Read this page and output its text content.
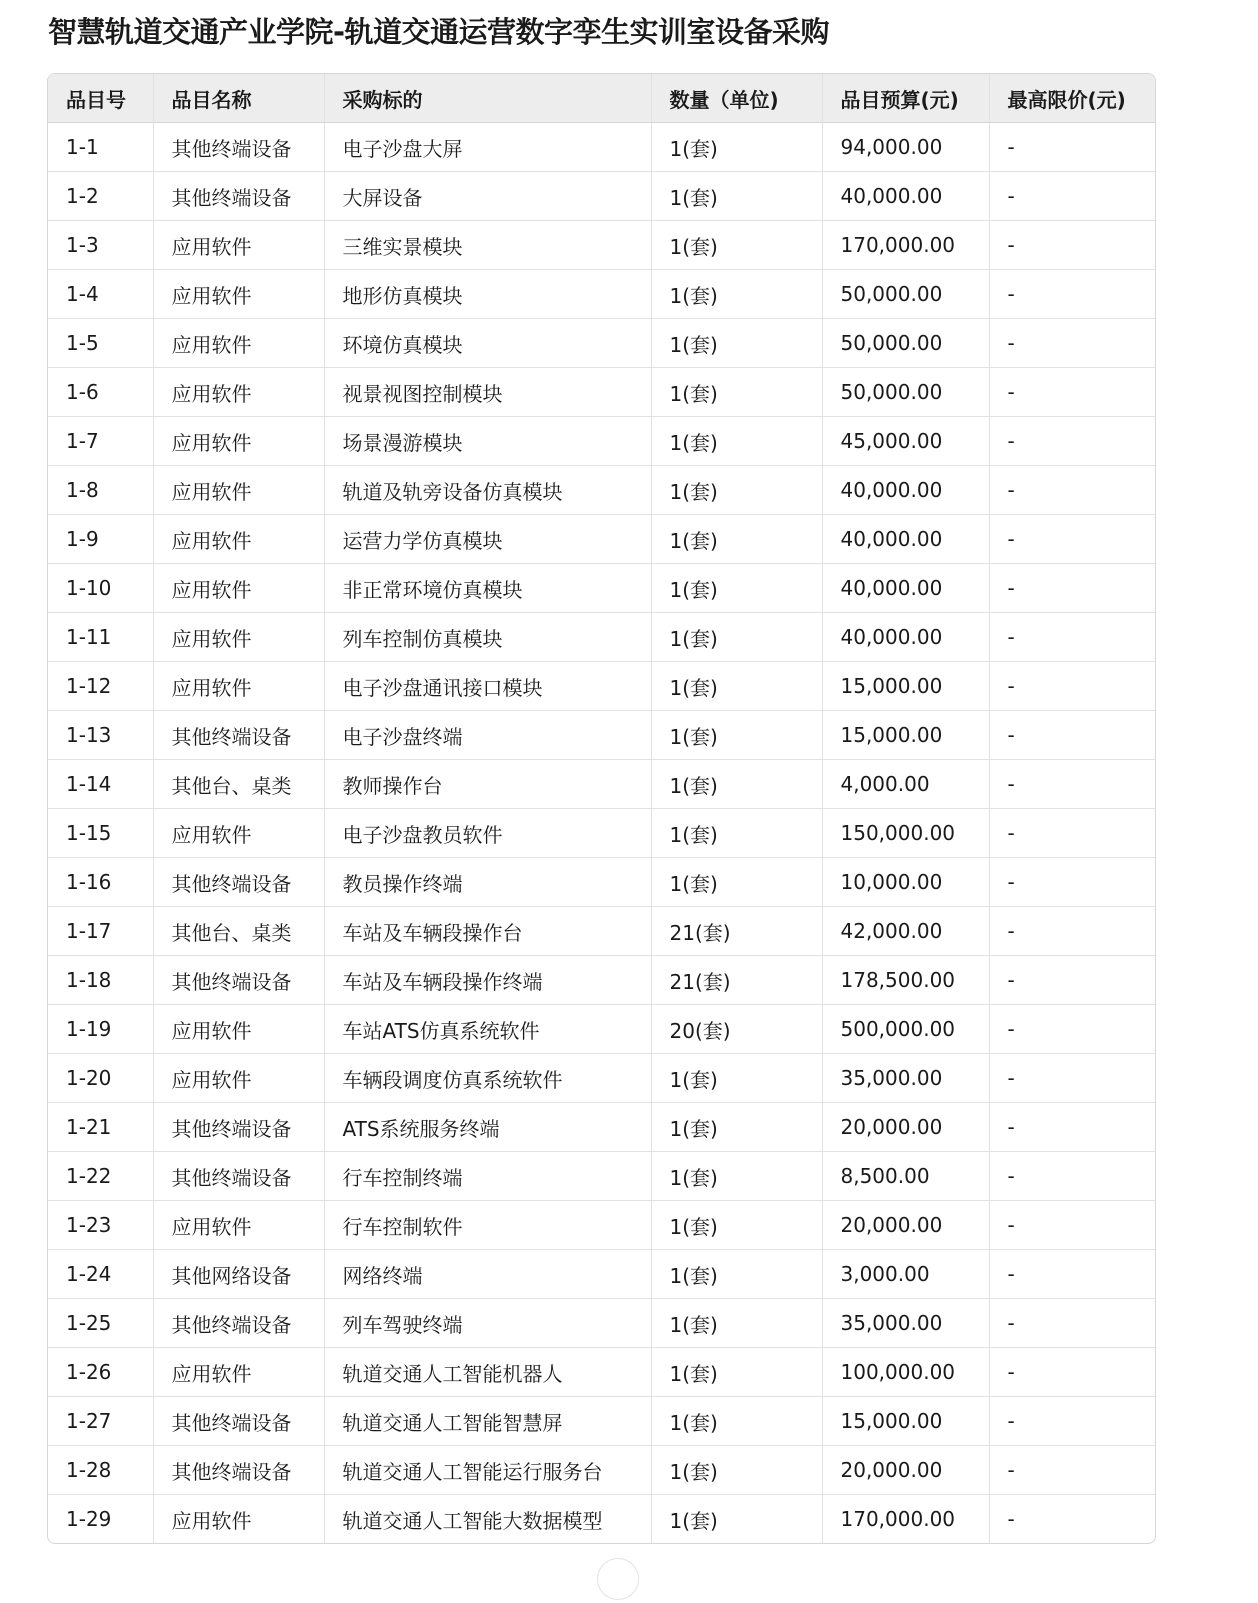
智慧轨道交通产业学院-轨道交通运营数字孪生实训室设备采购
品目号	品目名称	采购标的	数量（单位)	品目预算(元)	最高限价(元)
1-1	其他终端设备	电子沙盘大屏	1(套)	94,000.00	-
1-2	其他终端设备	大屏设备	1(套)	40,000.00	-
1-3	应用软件	三维实景模块	1(套)	170,000.00	-
1-4	应用软件	地形仿真模块	1(套)	50,000.00	-
1-5	应用软件	环境仿真模块	1(套)	50,000.00	-
1-6	应用软件	视景视图控制模块	1(套)	50,000.00	-
1-7	应用软件	场景漫游模块	1(套)	45,000.00	-
1-8	应用软件	轨道及轨旁设备仿真模块	1(套)	40,000.00	-
1-9	应用软件	运营力学仿真模块	1(套)	40,000.00	-
1-10	应用软件	非正常环境仿真模块	1(套)	40,000.00	-
1-11	应用软件	列车控制仿真模块	1(套)	40,000.00	-
1-12	应用软件	电子沙盘通讯接口模块	1(套)	15,000.00	-
1-13	其他终端设备	电子沙盘终端	1(套)	15,000.00	-
1-14	其他台、桌类	教师操作台	1(套)	4,000.00	-
1-15	应用软件	电子沙盘教员软件	1(套)	150,000.00	-
1-16	其他终端设备	教员操作终端	1(套)	10,000.00	-
1-17	其他台、桌类	车站及车辆段操作台	21(套)	42,000.00	-
1-18	其他终端设备	车站及车辆段操作终端	21(套)	178,500.00	-
1-19	应用软件	车站ATS仿真系统软件	20(套)	500,000.00	-
1-20	应用软件	车辆段调度仿真系统软件	1(套)	35,000.00	-
1-21	其他终端设备	ATS系统服务终端	1(套)	20,000.00	-
1-22	其他终端设备	行车控制终端	1(套)	8,500.00	-
1-23	应用软件	行车控制软件	1(套)	20,000.00	-
1-24	其他网络设备	网络终端	1(套)	3,000.00	-
1-25	其他终端设备	列车驾驶终端	1(套)	35,000.00	-
1-26	应用软件	轨道交通人工智能机器人	1(套)	100,000.00	-
1-27	其他终端设备	轨道交通人工智能智慧屏	1(套)	15,000.00	-
1-28	其他终端设备	轨道交通人工智能运行服务台	1(套)	20,000.00	-
1-29	应用软件	轨道交通人工智能大数据模型	1(套)	170,000.00	-
